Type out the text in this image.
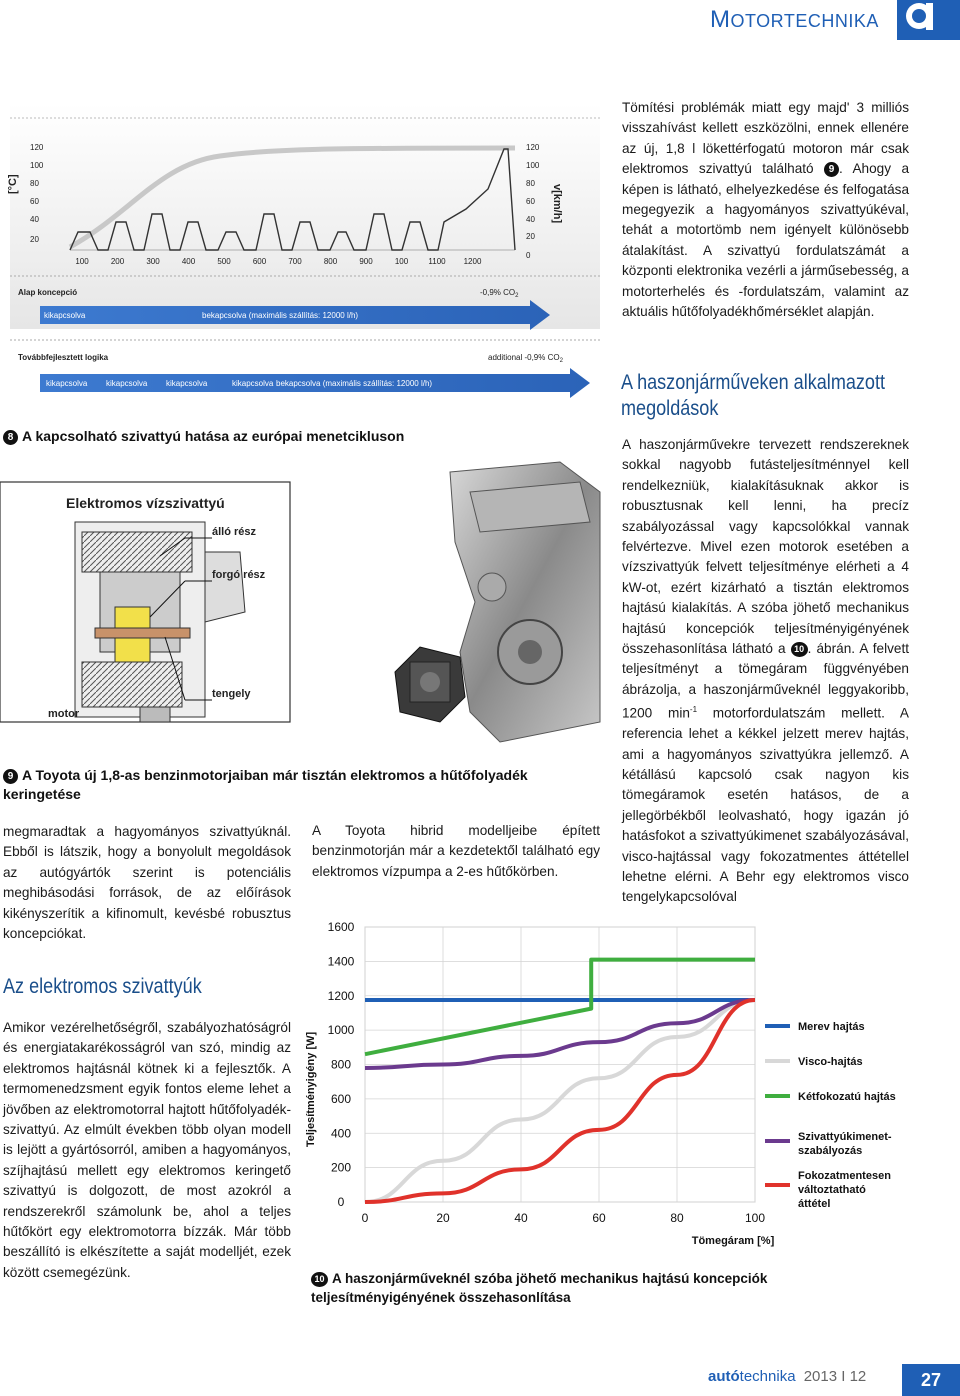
MOTORTECHNIKA
[°C]
120
100
80
60
40
20
120
100
80
60
40
20
0
v[km/h]
100	200	300	400	500	600	700	800	900	100	1100 1200
Alap koncepció	-0,9% $CO_2$
kikapcsolva	bekapcsolva (maximális szállítás: 12000 l/h)
Továbbfejlesztett logika	additional -0,9% $CO_2$
kikapcsolva kikapcsolva kikapcsolva	kikapcsolva bekapcsolva (maximális szállítás: 12000 l/h)
8 A kapcsolható szivattyú hatása az európai menetcikluson
Elektromos vízszivattyú
álló rész
forgó rész
tengely
motor
9 A Toyota új 1,8-as benzinmotorjaiban már tisztán elektromos a hűtőfolyadék keringetése

megmaradtak a hagyományos szivattyúknál. Ebből is látszik, hogy a bonyolult megoldások az autógyártók szerint is potenciális meghibásodási források, de az előírások kikényszerítik a kifinomult, kevésbé robusztus koncepciókat.

Az elektromos szivattyúk

Amikor vezérelhetőségről, szabályozhatóságról és energiatakarékosságról van szó, mindig az elektromos hajtásnál kötnek ki a fejlesztők. A termomenedzsment egyik fontos eleme lehet a jövőben az elektromotorral hajtott hűtőfolyadék-szivattyú. Az elmúlt években több olyan modell is lejött a gyártósorról, amiben a hagyományos, szíjhajtású mellett egy elektromos keringető szivattyú is dolgozott, de most azokról a rendszerekről számolunk be, ahol a teljes hűtőkört egy elektromotorra bízzák. Már több beszállító is elkészítette a saját modelljét, ezek között csemegézünk.

A Toyota hibrid modelljeibe épített benzinmotorján már a kezdetektől található egy elektromos vízpumpa a 2-es hűtőkörben.

Tömítési problémák miatt egy majd' 3 milliós visszahívást kellett eszközölni, ennek ellenére az új, 1,8 l lökettérfogatú motoron már csak elektromos szivattyú található 9 . Ahogy a képen is látható, elhelyezkedése és felfogatása megegyezik a hagyományos szivattyúkéval, tehát a motortömb nem igényelt különösebb átalakítást. A szivattyú fordulatszámát a központi elektronika vezérli a járműsebesség, a motorterhelés és -fordulatszám, valamint az aktuális hűtőfolyadékhőmérséklet alapján.

A haszonjárműveken alkalmazott
megoldások

A haszonjárművekre tervezett rendszereknek sokkal nagyobb futásteljesítménnyel kell rendelkezniük, kialakításuknak akkor is robusztusnak kell lenni, ha precíz szabályozással vagy kapcsolókkal vannak felvértezve. Mivel ezen motorok esetében a vízszivattyúk felvett teljesítménye elérheti a 4 kW-ot, ezért kizárható a tisztán elektromos hajtású kialakítás. A szóba jöhető mechanikus hajtású koncepciók teljesítményigényének összehasonlítása látható a 10 . ábrán. A felvett teljesítményt a tömegáram függvényében ábrázolja, a haszonjárműveknél leggyakoribb, 1200 $\min^{-1}$ motorfordulatszám mellett. A referencia lehet a kékkel jelzett merev hajtás, ami a hagyományos szivattyúkra jellemző. A kétállású kapcsoló csak nagyon kis tömegáramok esetén hatásos, de a jellegörbékből leolvasható, hogy igazán jó hatásfokot a szivattyúkimenet szabályozásával, visco-hajtással vagy fokozatmentes áttétellel lehetne elérni. A Behr egy elektromos visco tengelykapcsolóval

0
200
400
600
800
1000
1200
1400
1600
0	20	40	60	80	100
Teljesítményigény [W]
Tömegáram [%]
Merev hajtás
Visco-hajtás
Kétfokozatú hajtás
Szivattyúkimenet-
szabályozás
Fokozatmentesen
változtatható
áttétel
10 A haszonjárműveknél szóba jöhető mechanikus hajtású koncepciók teljesítményigényének összehasonlítása
autótechnika 2013 I 12	27
